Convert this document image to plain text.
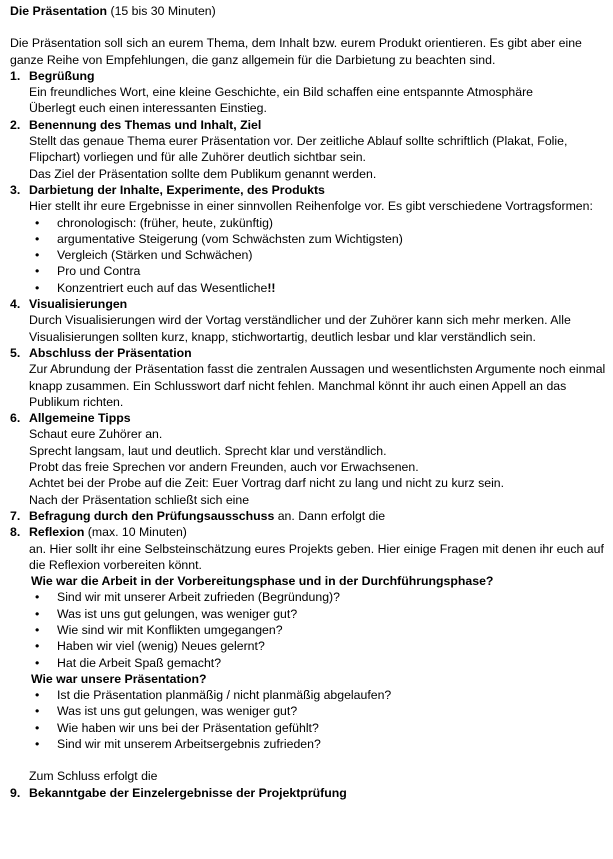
Die Präsentation (15 bis 30 Minuten)

Die Präsentation soll sich an eurem Thema, dem Inhalt bzw. eurem Produkt orientieren. Es gibt aber eine ganze Reihe von Empfehlungen, die ganz allgemein für die Darbietung zu beachten sind.

1. Begrüßung

Ein freundliches Wort, eine kleine Geschichte, ein Bild schaffen eine entspannte Atmosphäre

Überlegt euch einen interessanten Einstieg.

2. Benennung des Themas und Inhalt, Ziel

Stellt das genaue Thema eurer Präsentation vor. Der zeitliche Ablauf sollte schriftlich (Plakat, Folie, Flipchart) vorliegen und für alle Zuhörer deutlich sichtbar sein.

Das Ziel der Präsentation sollte dem Publikum genannt werden.

3. Darbietung der Inhalte, Experimente, des Produkts

Hier stellt ihr eure Ergebnisse in einer sinnvollen Reihenfolge vor. Es gibt verschiedene Vortragsformen:

• chronologisch: (früher, heute, zukünftig)
• argumentative Steigerung (vom Schwächsten zum Wichtigsten)
• Vergleich (Stärken und Schwächen)
• Pro und Contra
• Konzentriert euch auf das Wesentliche!!
4. Visualisierungen

Durch Visualisierungen wird der Vortag verständlicher und der Zuhörer kann sich mehr merken. Alle Visualisierungen sollten kurz, knapp, stichwortartig, deutlich lesbar und klar verständlich sein.

5. Abschluss der Präsentation

Zur Abrundung der Präsentation fasst die zentralen Aussagen und wesentlichsten Argumente noch einmal knapp zusammen. Ein Schlusswort darf nicht fehlen. Manchmal könnt ihr auch einen Appell an das Publikum richten.

6. Allgemeine Tipps

Schaut eure Zuhörer an.

Sprecht langsam, laut und deutlich. Sprecht klar und verständlich.

Probt das freie Sprechen vor andern Freunden, auch vor Erwachsenen.

Achtet bei der Probe auf die Zeit: Euer Vortrag darf nicht zu lang und nicht zu kurz sein.

Nach der Präsentation schließt sich eine

7. Befragung durch den Prüfungsausschuss an. Dann erfolgt die

8. Reflexion (max. 10 Minuten)

an. Hier sollt ihr eine Selbsteinschätzung eures Projekts geben. Hier einige Fragen mit denen ihr euch auf die Reflexion vorbereiten könnt.

Wie war die Arbeit in der Vorbereitungsphase und in der Durchführungsphase?

• Sind wir mit unserer Arbeit zufrieden (Begründung)?
• Was ist uns gut gelungen, was weniger gut?
• Wie sind wir mit Konflikten umgegangen?
• Haben wir viel (wenig) Neues gelernt?
• Hat die Arbeit Spaß gemacht?

Wie war unsere Präsentation?

• Ist die Präsentation planmäßig / nicht planmäßig abgelaufen?
• Was ist uns gut gelungen, was weniger gut?
• Wie haben wir uns bei der Präsentation gefühlt?
• Sind wir mit unserem Arbeitsergebnis zufrieden?

Zum Schluss erfolgt die

9. Bekanntgabe der Einzelergebnisse der Projektprüfung
